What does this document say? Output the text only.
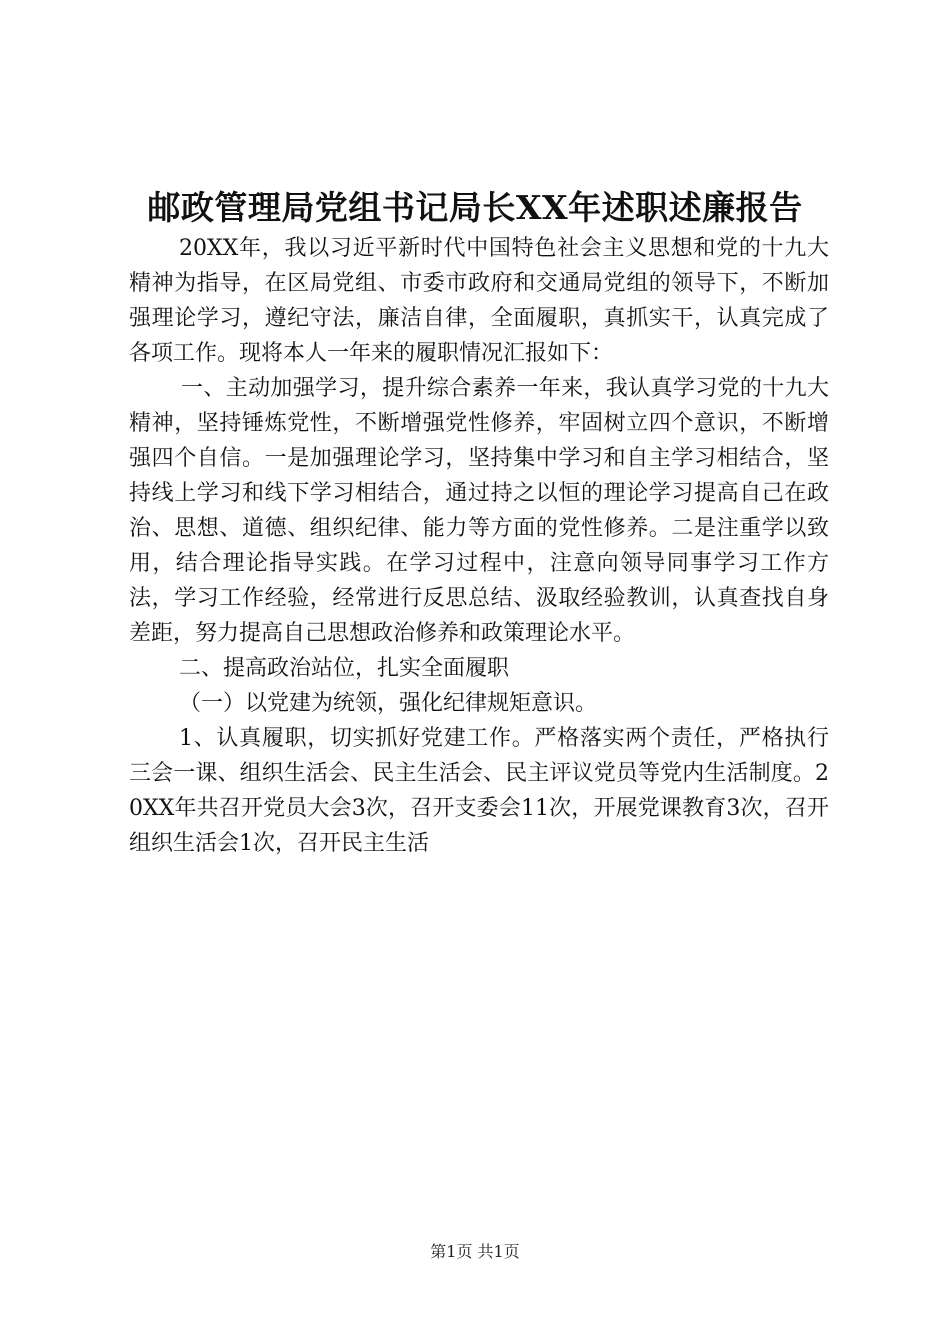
邮政管理局党组书记局长XX年述职述廉报告

20XX年，我以习近平新时代中国特色社会主义思想和党的十九大精神为指导，在区局党组、市委市政府和交通局党组的领导下，不断加强理论学习，遵纪守法，廉洁自律，全面履职，真抓实干，认真完成了各项工作。现将本人一年来的履职情况汇报如下：

一、主动加强学习，提升综合素养一年来，我认真学习党的十九大精神，坚持锤炼党性，不断增强党性修养，牢固树立四个意识，不断增强四个自信。一是加强理论学习，坚持集中学习和自主学习相结合，坚持线上学习和线下学习相结合，通过持之以恒的理论学习提高自己在政治、思想、道德、组织纪律、能力等方面的党性修养。二是注重学以致用，结合理论指导实践。在学习过程中，注意向领导同事学习工作方法，学习工作经验，经常进行反思总结、汲取经验教训，认真查找自身差距，努力提高自己思想政治修养和政策理论水平。

二、提高政治站位，扎实全面履职

（一）以党建为统领，强化纪律规矩意识。

1、认真履职，切实抓好党建工作。严格落实两个责任，严格执行三会一课、组织生活会、民主生活会、民主评议党员等党内生活制度。20XX年共召开党员大会3次，召开支委会11次，开展党课教育3次，召开组织生活会1次，召开民主生活

第1页 共1页
